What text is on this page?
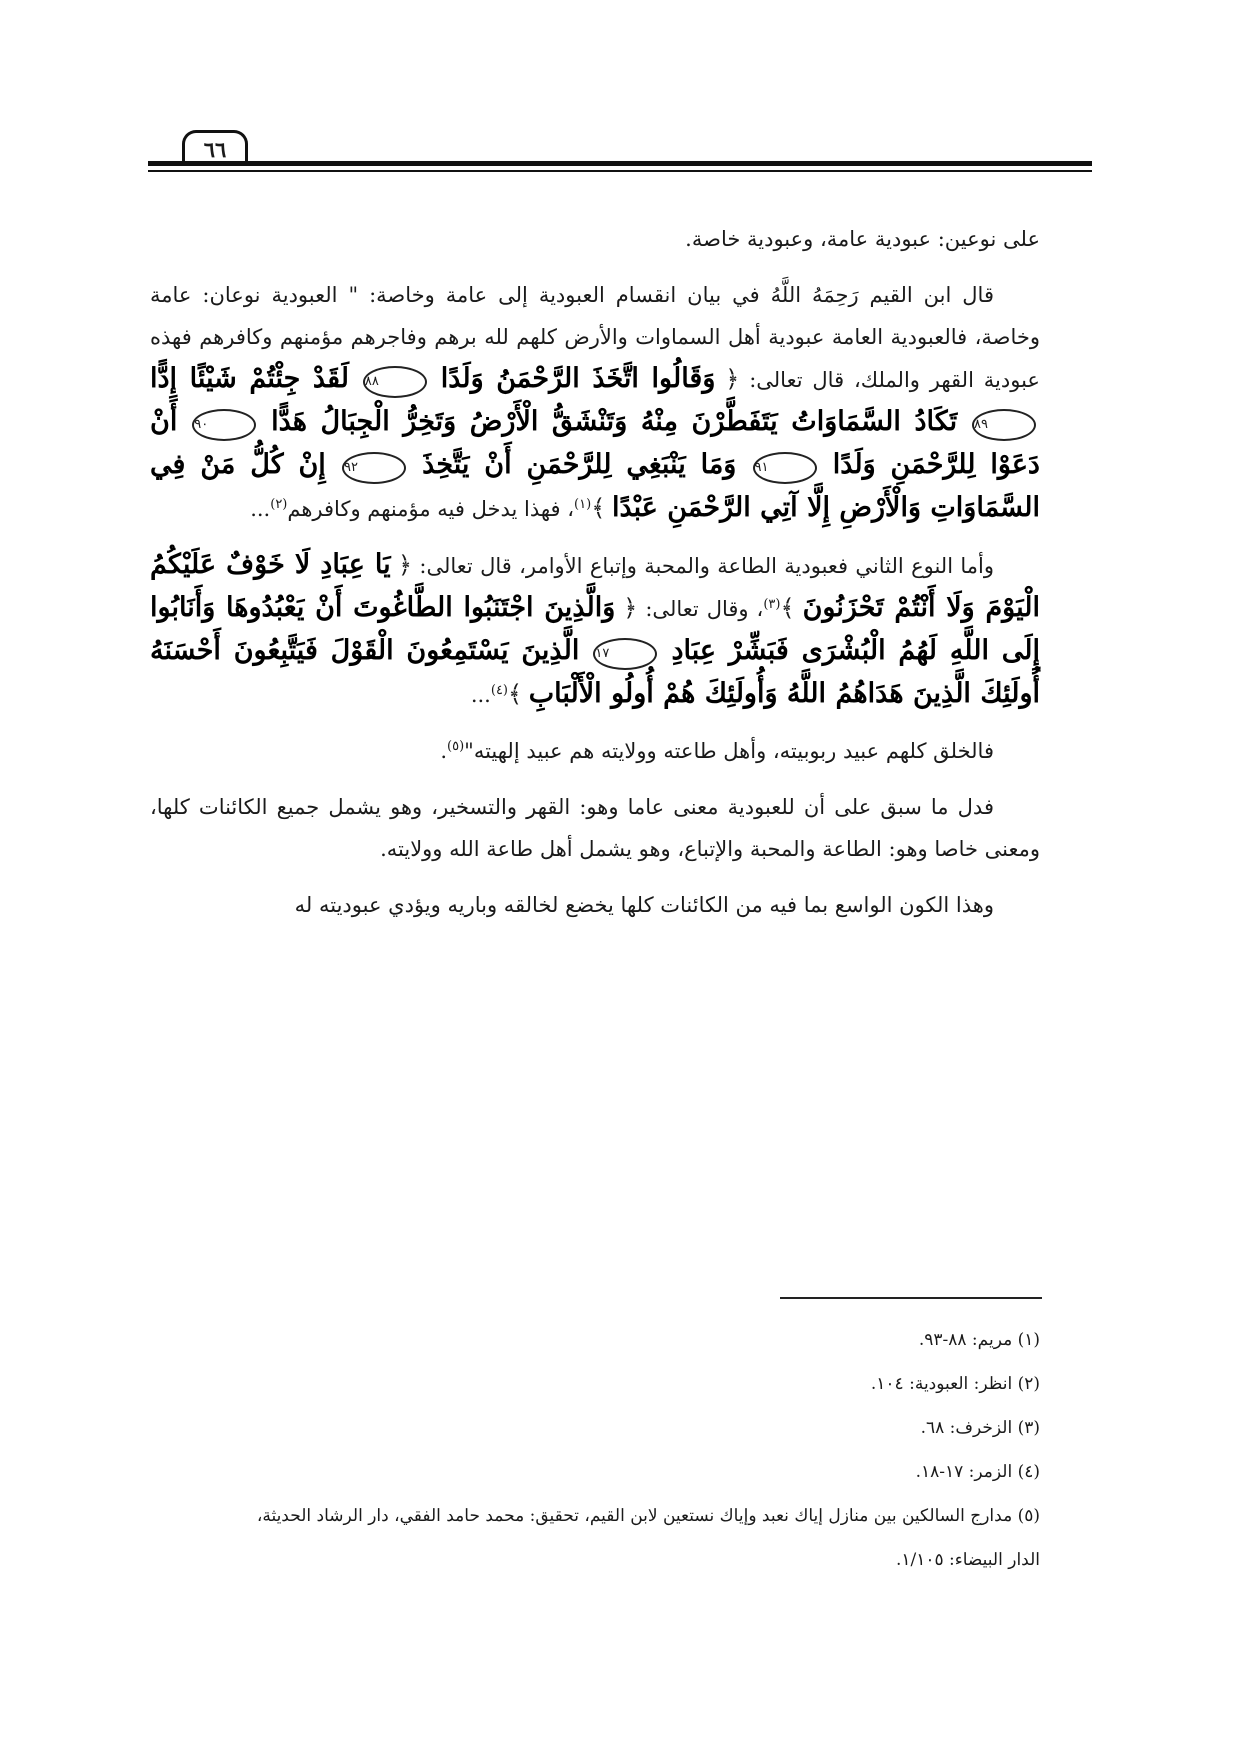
٦٦

على نوعين: عبودية عامة، وعبودية خاصة.

قال ابن القيم رَحِمَهُ اللَّهُ في بيان انقسام العبودية إلى عامة وخاصة: " العبودية نوعان: عامة وخاصة، فالعبودية العامة عبودية أهل السماوات والأرض كلهم لله برهم وفاجرهم مؤمنهم وكافرهم فهذه عبودية القهر والملك، قال تعالى: ﴿ وَقَالُوا اتَّخَذَ الرَّحْمَنُ وَلَدًا ٨٨ لَقَدْ جِئْتُمْ شَيْئًا إِدًّا ٨٩ تَكَادُ السَّمَاوَاتُ يَتَفَطَّرْنَ مِنْهُ وَتَنْشَقُّ الْأَرْضُ وَتَخِرُّ الْجِبَالُ هَدًّا ٩٠ أَنْ دَعَوْا لِلرَّحْمَنِ وَلَدًا ٩١ وَمَا يَنْبَغِي لِلرَّحْمَنِ أَنْ يَتَّخِذَ ٩٢ إِنْ كُلُّ مَنْ فِي السَّمَاوَاتِ وَالْأَرْضِ إِلَّا آتِي الرَّحْمَنِ عَبْدًا ﴾$^{(١)}$، فهذا يدخل فيه مؤمنهم وكافرهم$^{(٢)}$...

وأما النوع الثاني فعبودية الطاعة والمحبة وإتباع الأوامر، قال تعالى: ﴿ يَا عِبَادِ لَا خَوْفٌ عَلَيْكُمُ الْيَوْمَ وَلَا أَنْتُمْ تَحْزَنُونَ ﴾$^{(٣)}$، وقال تعالى: ﴿ وَالَّذِينَ اجْتَنَبُوا الطَّاغُوتَ أَنْ يَعْبُدُوهَا وَأَنَابُوا إِلَى اللَّهِ لَهُمُ الْبُشْرَى فَبَشِّرْ عِبَادِ ١٧ الَّذِينَ يَسْتَمِعُونَ الْقَوْلَ فَيَتَّبِعُونَ أَحْسَنَهُ أُولَئِكَ الَّذِينَ هَدَاهُمُ اللَّهُ وَأُولَئِكَ هُمْ أُولُو الْأَلْبَابِ ﴾$^{(٤)}$...

فالخلق كلهم عبيد ربوبيته، وأهل طاعته وولايته هم عبيد إلهيته"$^{(٥)}$.

فدل ما سبق على أن للعبودية معنى عاما وهو: القهر والتسخير، وهو يشمل جميع الكائنات كلها، ومعنى خاصا وهو: الطاعة والمحبة والإتباع، وهو يشمل أهل طاعة الله وولايته.

وهذا الكون الواسع بما فيه من الكائنات كلها يخضع لخالقه وباريه ويؤدي عبوديته له

(١) مريم: ٨٨-٩٣.

(٢) انظر: العبودية: ١٠٤.

(٣) الزخرف: ٦٨.

(٤) الزمر: ١٧-١٨.

(٥) مدارج السالكين بين منازل إياك نعبد وإياك نستعين لابن القيم، تحقيق: محمد حامد الفقي، دار الرشاد الحديثة،

الدار البيضاء: ١/١٠٥.
